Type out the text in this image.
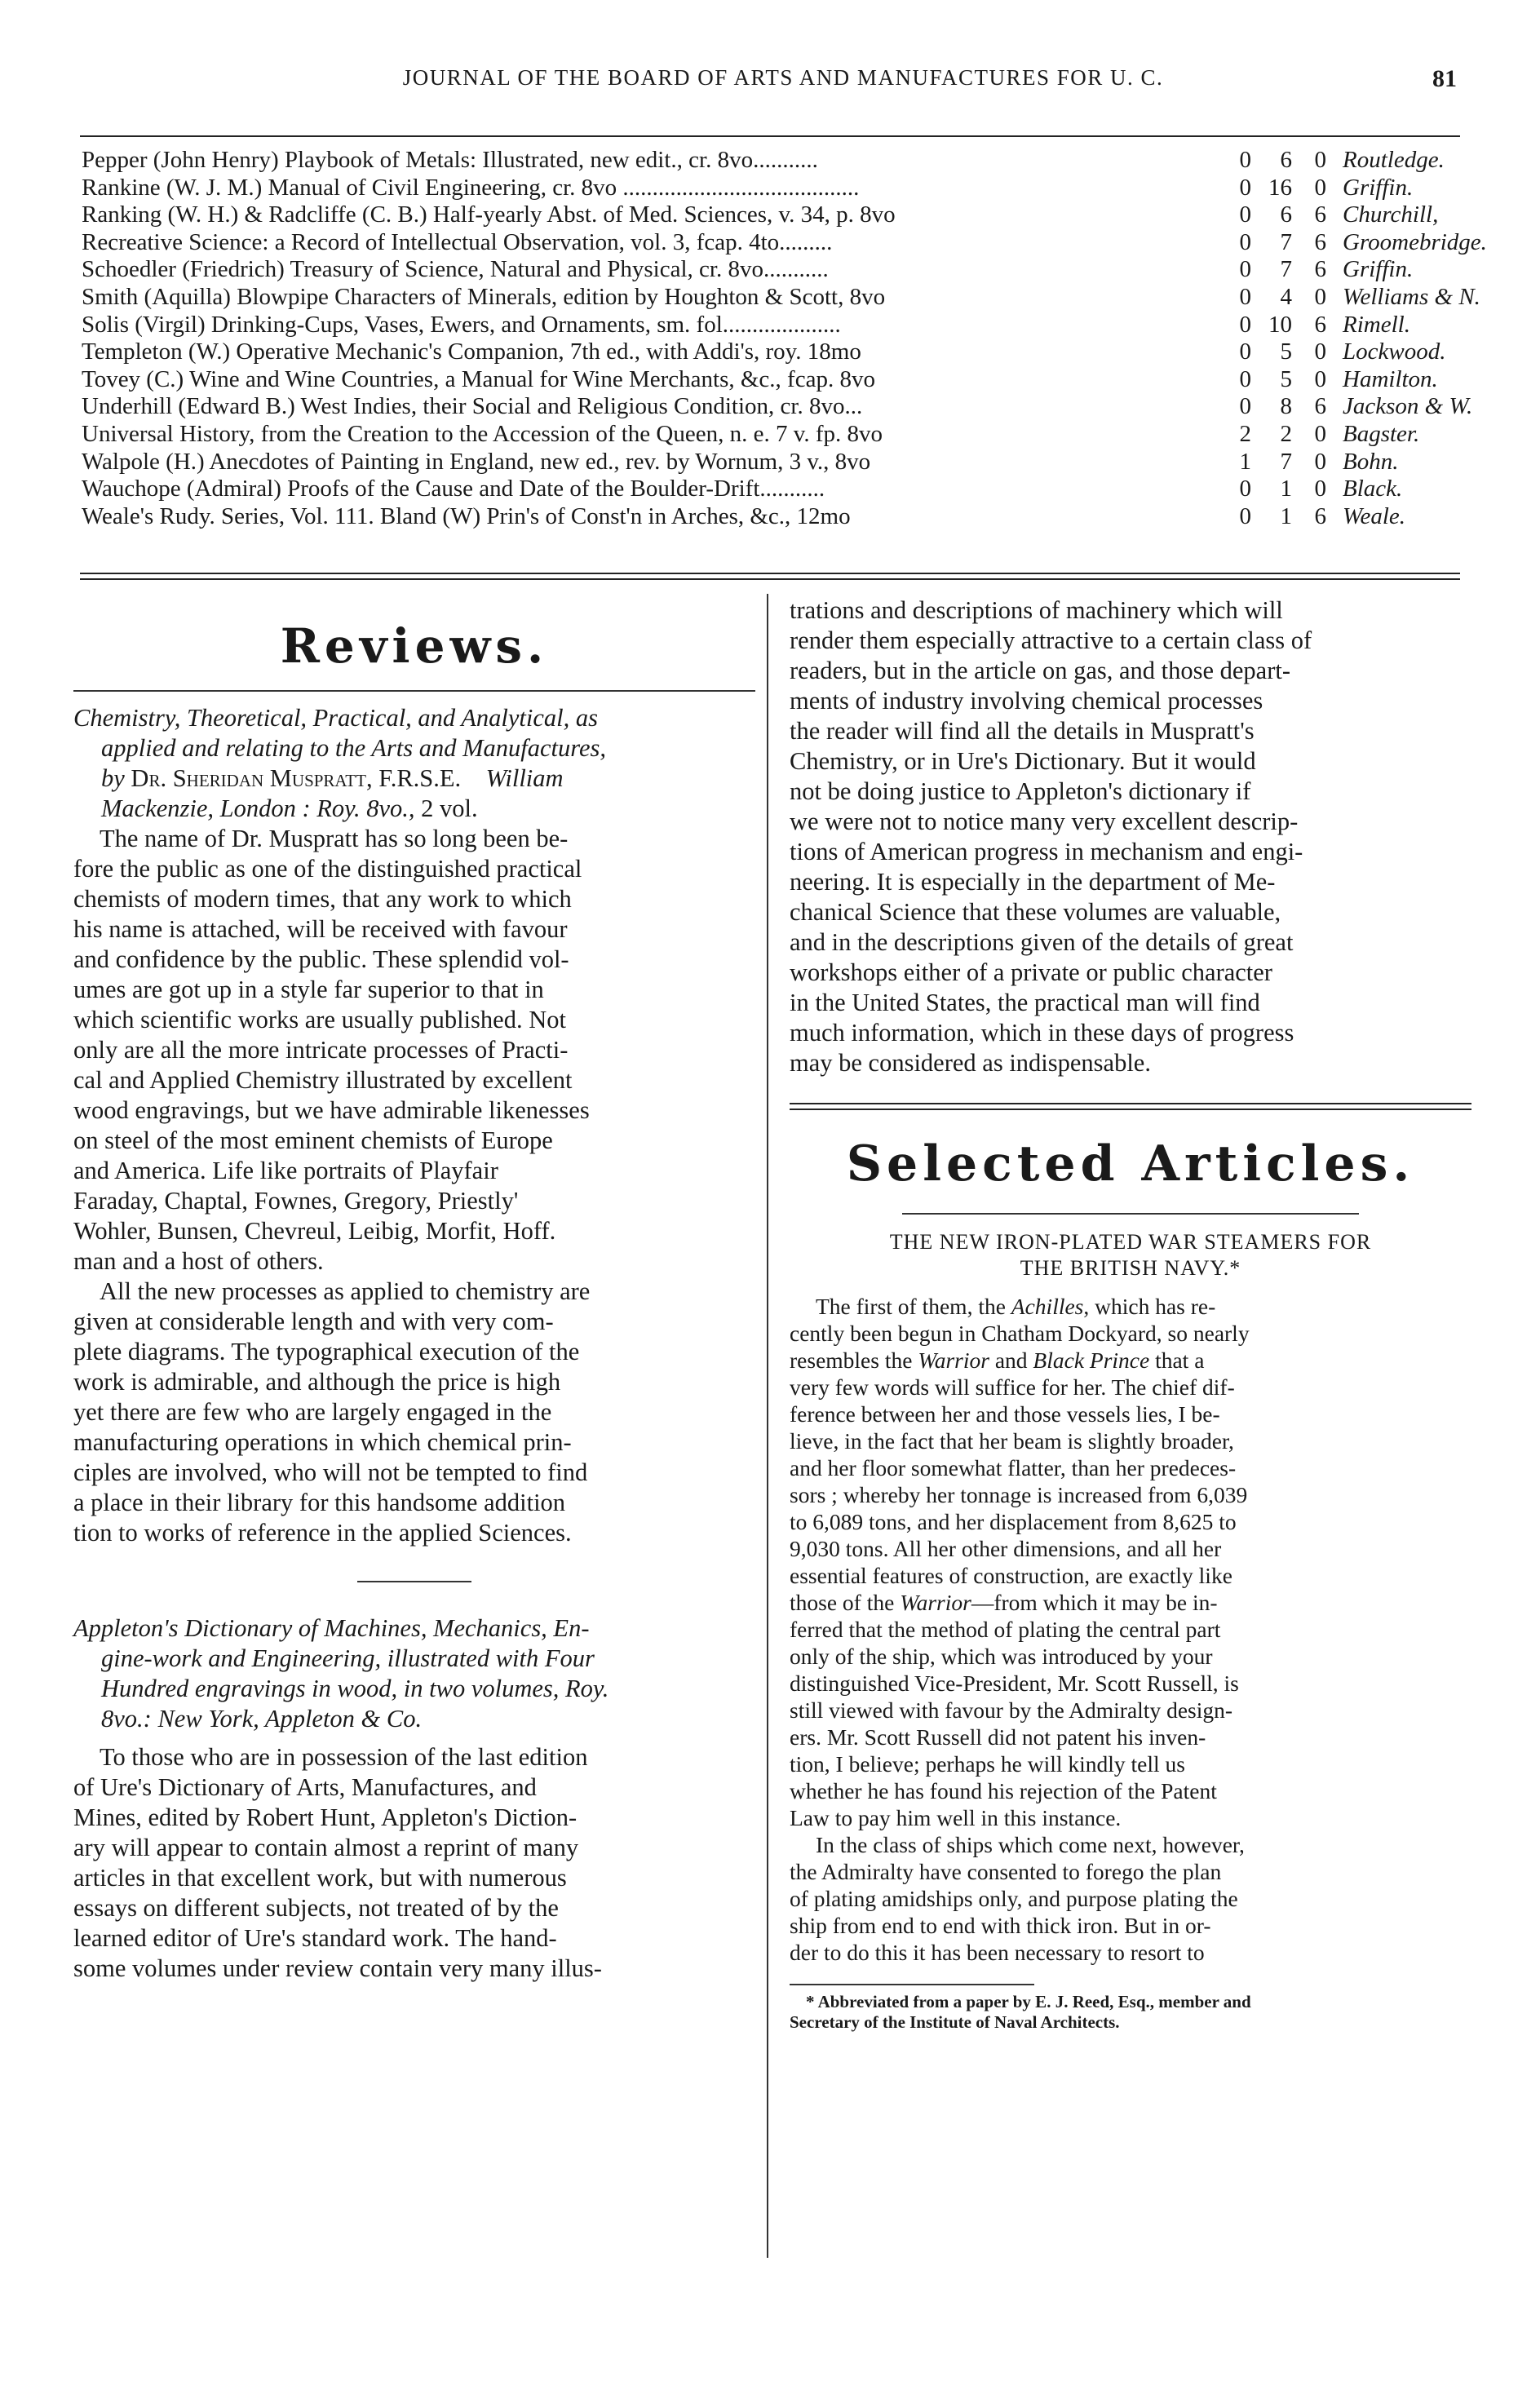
JOURNAL OF THE BOARD OF ARTS AND MANUFACTURES FOR U. C.	81
Pepper (John Henry) Playbook of Metals: Illustrated, new edit., cr. 8vo...........	0	6 0 Routledge.
Rankine (W. J. M.) Manual of Civil Engineering, cr. 8vo ........................................	0 16 0 Griffin.
Ranking (W. H.) & Radcliffe (C. B.) Half-yearly Abst. of Med. Sciences, v. 34, p. 8vo	0	6 6 Churchill,
Recreative Science: a Record of Intellectual Observation, vol. 3, fcap. 4to.........	0	7 6 Groomebridge.
Schoedler (Friedrich) Treasury of Science, Natural and Physical, cr. 8vo...........	0	7 6 Griffin.
Smith (Aquilla) Blowpipe Characters of Minerals, edition by Houghton & Scott, 8vo	0	4 0 Welliams & N.
Solis (Virgil) Drinking-Cups, Vases, Ewers, and Ornaments, sm. fol....................	0 10 6 Rimell.
Templeton (W.) Operative Mechanic's Companion, 7th ed., with Addi's, roy. 18mo	0	5 0 Lockwood.
Tovey (C.) Wine and Wine Countries, a Manual for Wine Merchants, &c., fcap. 8vo	0	5 0 Hamilton.
Underhill (Edward B.) West Indies, their Social and Religious Condition, cr. 8vo...	0	8 6 Jackson & W.
Universal History, from the Creation to the Accession of the Queen, n. e. 7 v. fp. 8vo	2	2 0 Bagster.
Walpole (H.) Anecdotes of Painting in England, new ed., rev. by Wornum, 3 v., 8vo	1	7 0 Bohn.
Wauchope (Admiral) Proofs of the Cause and Date of the Boulder-Drift...........	0	1 0 Black.
Weale's Rudy. Series, Vol. 111. Bland (W) Prin's of Const'n in Arches, &c., 12mo	0	1 6 Weale.
Reviews.

Chemistry, Theoretical, Practical, and Analytical, as

applied and relating to the Arts and Manufactures,

by Dr. Sheridan Muspratt, F.R.S.E. William

Mackenzie, London : Roy. 8vo., 2 vol.

The name of Dr. Muspratt has so long been be-

fore the public as one of the distinguished practical

chemists of modern times, that any work to which

his name is attached, will be received with favour

and confidence by the public. These splendid vol-

umes are got up in a style far superior to that in

which scientific works are usually published. Not

only are all the more intricate processes of Practi-

cal and Applied Chemistry illustrated by excellent

wood engravings, but we have admirable likenesses

on steel of the most eminent chemists of Europe

and America. Life like portraits of Playfair

Faraday, Chaptal, Fownes, Gregory, Priestly'

Wohler, Bunsen, Chevreul, Leibig, Morfit, Hoff.

man and a host of others.

All the new processes as applied to chemistry are

given at considerable length and with very com-

plete diagrams. The typographical execution of the

work is admirable, and although the price is high

yet there are few who are largely engaged in the

manufacturing operations in which chemical prin-

ciples are involved, who will not be tempted to find

a place in their library for this handsome addition

tion to works of reference in the applied Sciences.

Appleton's Dictionary of Machines, Mechanics, En-

gine-work and Engineering, illustrated with Four

Hundred engravings in wood, in two volumes, Roy.

8vo.: New York, Appleton & Co.

To those who are in possession of the last edition

of Ure's Dictionary of Arts, Manufactures, and

Mines, edited by Robert Hunt, Appleton's Diction-

ary will appear to contain almost a reprint of many

articles in that excellent work, but with numerous

essays on different subjects, not treated of by the

learned editor of Ure's standard work. The hand-

some volumes under review contain very many illus-

trations and descriptions of machinery which will

render them especially attractive to a certain class of

readers, but in the article on gas, and those depart-

ments of industry involving chemical processes

the reader will find all the details in Muspratt's

Chemistry, or in Ure's Dictionary. But it would

not be doing justice to Appleton's dictionary if

we were not to notice many very excellent descrip-

tions of American progress in mechanism and engi-

neering. It is especially in the department of Me-

chanical Science that these volumes are valuable,

and in the descriptions given of the details of great

workshops either of a private or public character

in the United States, the practical man will find

much information, which in these days of progress

may be considered as indispensable.

Selected Articles.

THE NEW IRON-PLATED WAR STEAMERS FOR

THE BRITISH NAVY.*

The first of them, the Achilles, which has re-

cently been begun in Chatham Dockyard, so nearly

resembles the Warrior and Black Prince that a

very few words will suffice for her. The chief dif-

ference between her and those vessels lies, I be-

lieve, in the fact that her beam is slightly broader,

and her floor somewhat flatter, than her predeces-

sors ; whereby her tonnage is increased from 6,039

to 6,089 tons, and her displacement from 8,625 to

9,030 tons. All her other dimensions, and all her

essential features of construction, are exactly like

those of the Warrior—from which it may be in-

ferred that the method of plating the central part

only of the ship, which was introduced by your

distinguished Vice-President, Mr. Scott Russell, is

still viewed with favour by the Admiralty design-

ers. Mr. Scott Russell did not patent his inven-

tion, I believe; perhaps he will kindly tell us

whether he has found his rejection of the Patent

Law to pay him well in this instance.

In the class of ships which come next, however,

the Admiralty have consented to forego the plan

of plating amidships only, and purpose plating the

ship from end to end with thick iron. But in or-

der to do this it has been necessary to resort to

* Abbreviated from a paper by E. J. Reed, Esq., member and

Secretary of the Institute of Naval Architects.
